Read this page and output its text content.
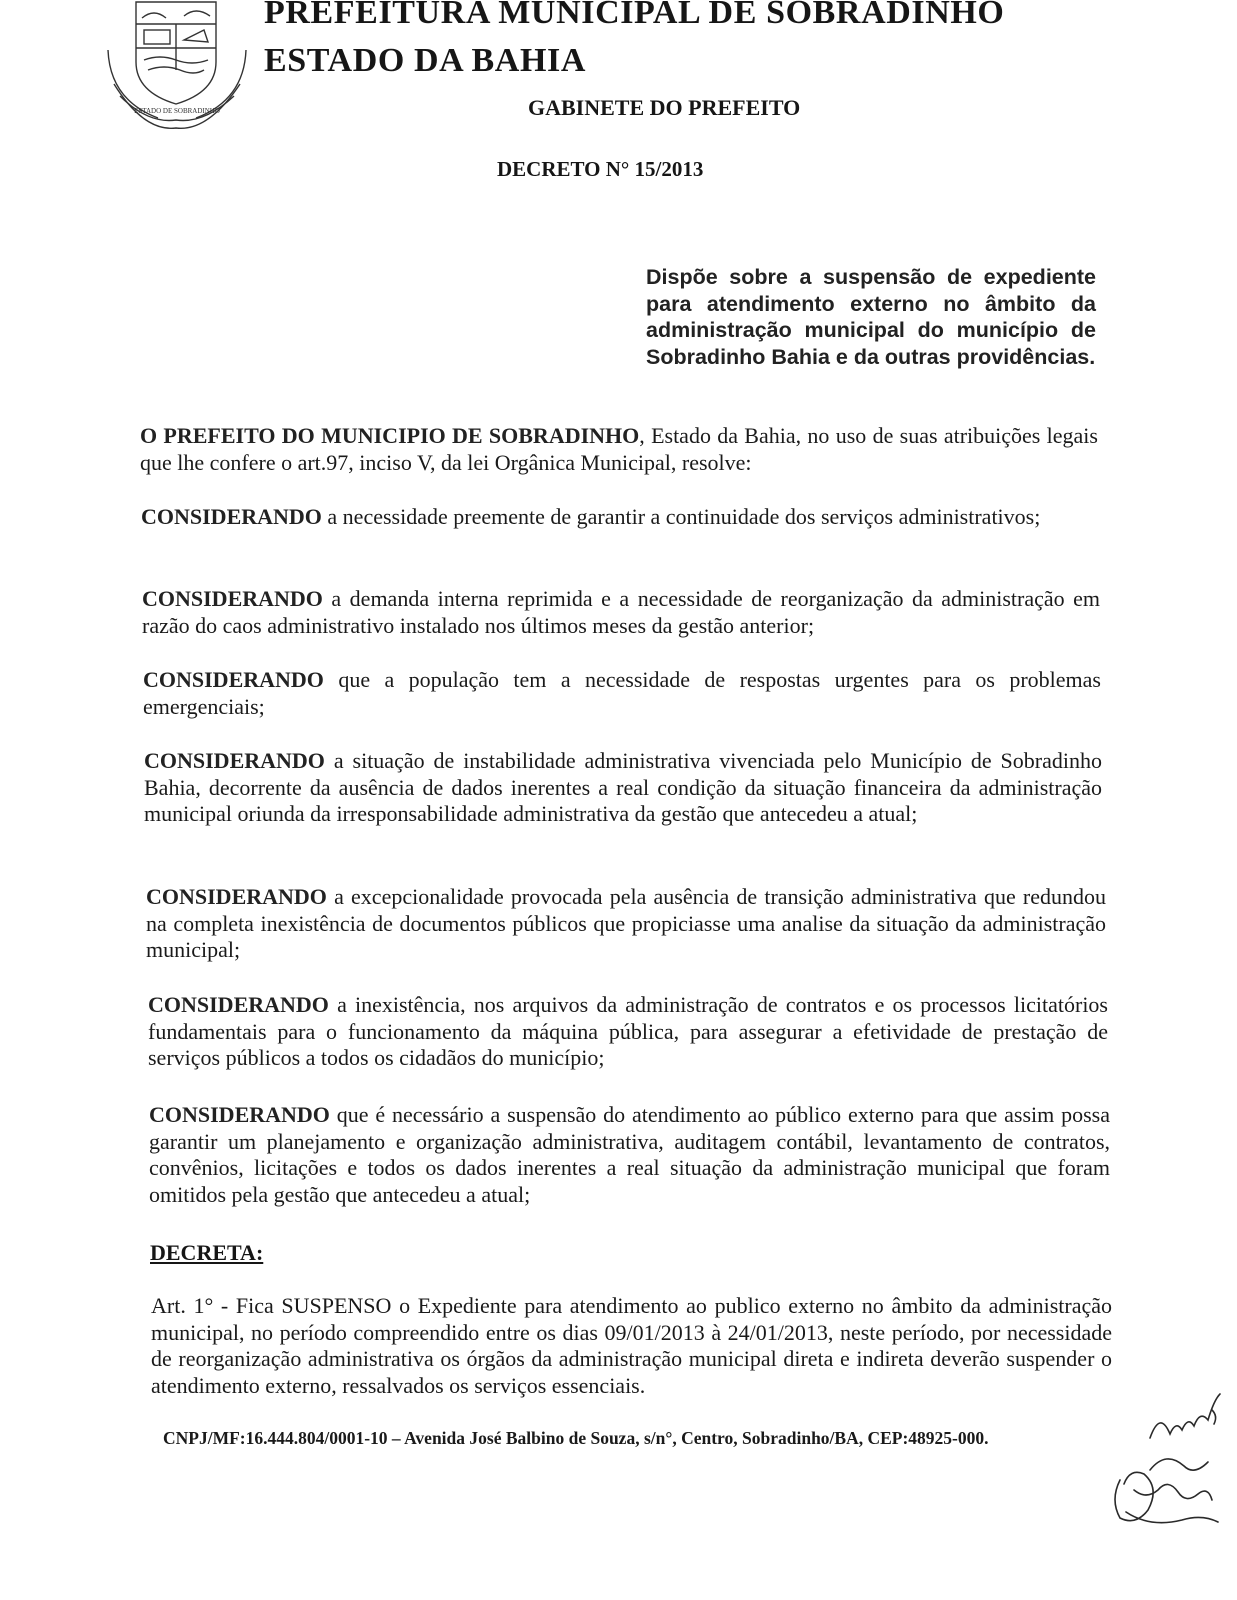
ESTADO DE SOBRADINHO
PREFEITURA MUNICIPAL DE SOBRADINHO
ESTADO DA BAHIA
GABINETE DO PREFEITO
DECRETO N° 15/2013
Dispõe sobre a suspensão de expediente para atendimento externo no âmbito da administração municipal do município de Sobradinho Bahia e da outras providências.
O PREFEITO DO MUNICIPIO DE SOBRADINHO, Estado da Bahia, no uso de suas atribuições legais que lhe confere o art.97, inciso V, da lei Orgânica Municipal, resolve:
CONSIDERANDO a necessidade preemente de garantir a continuidade dos serviços administrativos;
CONSIDERANDO a demanda interna reprimida e a necessidade de reorganização da administração em razão do caos administrativo instalado nos últimos meses da gestão anterior;
CONSIDERANDO que a população tem a necessidade de respostas urgentes para os problemas emergenciais;
CONSIDERANDO a situação de instabilidade administrativa vivenciada pelo Município de Sobradinho Bahia, decorrente da ausência de dados inerentes a real condição da situação financeira da administração municipal oriunda da irresponsabilidade administrativa da gestão que antecedeu a atual;
CONSIDERANDO a excepcionalidade provocada pela ausência de transição administrativa que redundou na completa inexistência de documentos públicos que propiciasse uma analise da situação da administração municipal;
CONSIDERANDO a inexistência, nos arquivos da administração de contratos e os processos licitatórios fundamentais para o funcionamento da máquina pública, para assegurar a efetividade de prestação de serviços públicos a todos os cidadãos do município;
CONSIDERANDO que é necessário a suspensão do atendimento ao público externo para que assim possa garantir um planejamento e organização administrativa, auditagem contábil, levantamento de contratos, convênios, licitações e todos os dados inerentes a real situação da administração municipal que foram omitidos pela gestão que antecedeu a atual;
DECRETA:
Art. 1° - Fica SUSPENSO o Expediente para atendimento ao publico externo no âmbito da administração municipal, no período compreendido entre os dias 09/01/2013 à 24/01/2013, neste período, por necessidade de reorganização administrativa os órgãos da administração municipal direta e indireta deverão suspender o atendimento externo, ressalvados os serviços essenciais.
CNPJ/MF:16.444.804/0001-10 – Avenida José Balbino de Souza, s/n°, Centro, Sobradinho/BA, CEP:48925-000.
